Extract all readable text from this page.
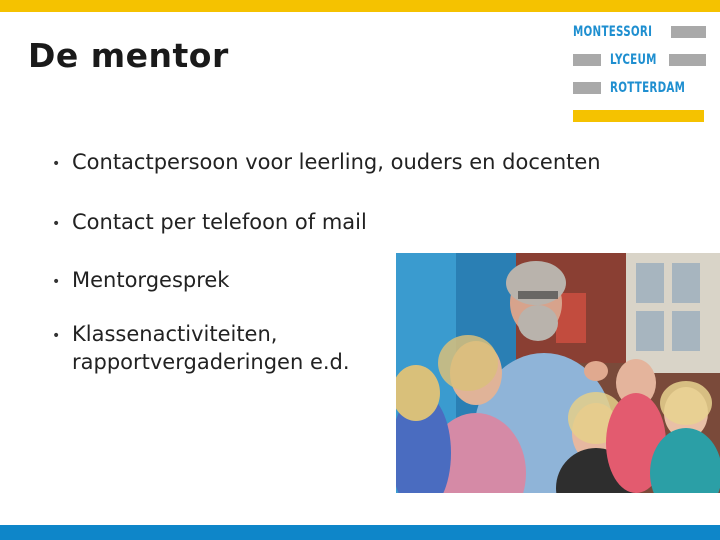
De mentor
MONTESSORI
LYCEUM
ROTTERDAM
• Contactpersoon voor leerling, ouders en docenten
• Contact per telefoon of mail
• Mentorgesprek
• Klassenactiviteiten,
rapportvergaderingen e.d.
